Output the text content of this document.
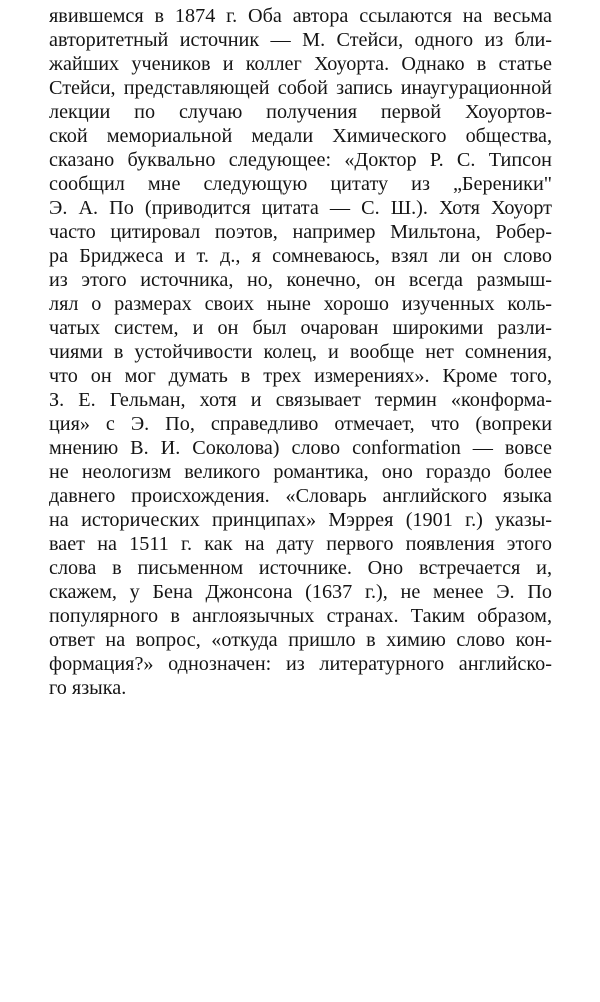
явившемся в 1874 г. Оба автора ссылаются на весьма
авторитетный источник — М. Стейси, одного из бли-
жайших учеников и коллег Хоуорта. Однако в статье
Стейси, представляющей собой запись инаугурационной
лекции по случаю получения первой Хоуортов-
ской мемориальной медали Химического общества,
сказано буквально следующее: «Доктор Р. С. Типсон
сообщил мне следующую цитату из „Береники"
Э. А. По (приводится цитата — С. Ш.). Хотя Хоуорт
часто цитировал поэтов, например Мильтона, Робер-
ра Бриджеса и т. д., я сомневаюсь, взял ли он слово
из этого источника, но, конечно, он всегда размыш-
лял о размерах своих ныне хорошо изученных коль-
чатых систем, и он был очарован широкими разли-
чиями в устойчивости колец, и вообще нет сомнения,
что он мог думать в трех измерениях». Кроме того,
З. Е. Гельман, хотя и связывает термин «конформа-
ция» с Э. По, справедливо отмечает, что (вопреки
мнению В. И. Соколова) слово conformation — вовсе
не неологизм великого романтика, оно гораздо более
давнего происхождения. «Словарь английского языка
на исторических принципах» Мэррея (1901 г.) указы-
вает на 1511 г. как на дату первого появления этого
слова в письменном источнике. Оно встречается и,
скажем, у Бена Джонсона (1637 г.), не менее Э. По
популярного в англоязычных странах. Таким образом,
ответ на вопрос, «откуда пришло в химию слово кон-
формация?» однозначен: из литературного английско-
го языка.
